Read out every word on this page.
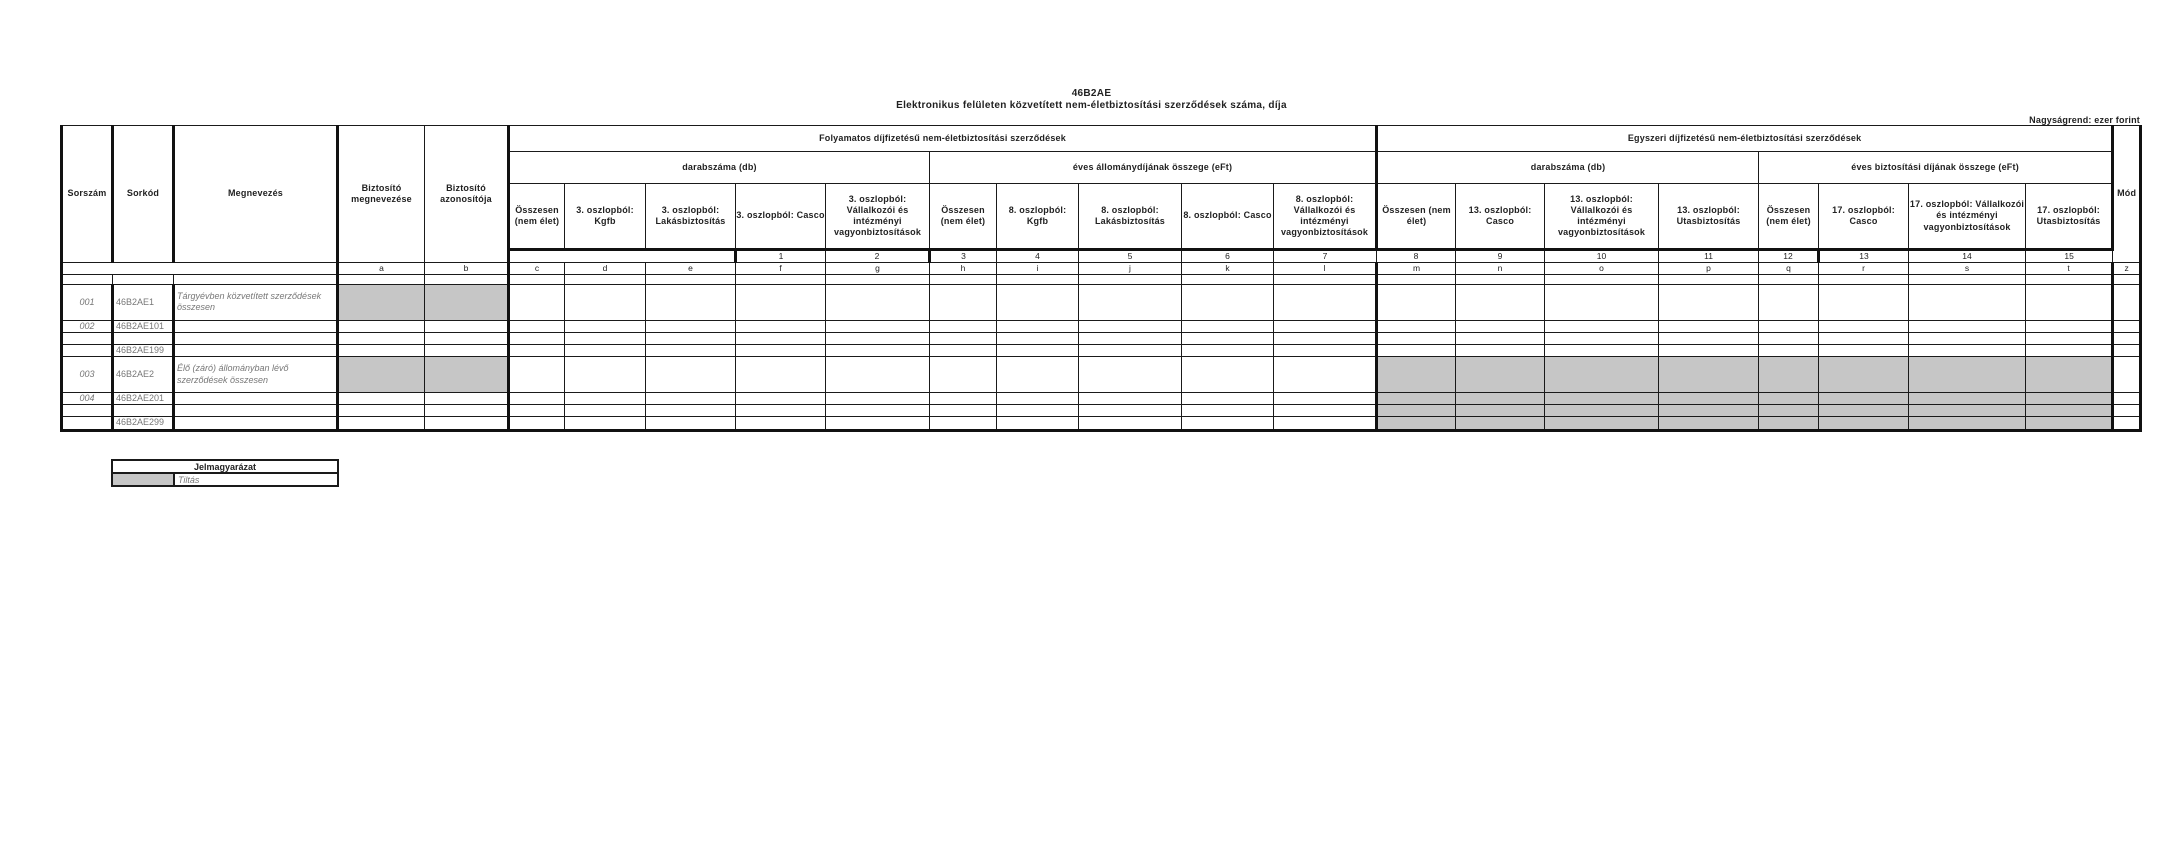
46B2AE
Elektronikus felületen közvetített nem-életbiztosítási szerződések száma, díja
Nagyságrend: ezer forint
Sorszám	Sorkód	Megnevezés	Biztosító megnevezése	Biztosító azonosítója	Folyamatos díjfizetésű nem-életbiztosítási szerződések										Egyszeri díjfizetésű nem-életbiztosítási szerződések								Mód	
					darabszáma (db)					éves állománydíjának összege (eFt)					darabszáma (db)				éves biztosítási díjának összege (eFt)					
					Összesen (nem élet)	3. oszlopból: Kgfb	3. oszlopból: Lakásbiztosítás	3. oszlopból: Casco	3. oszlopból: Vállalkozói és intézményi vagyonbiztosítások	Összesen (nem élet)	8. oszlopból: Kgfb	8. oszlopból: Lakásbiztosítás	8. oszlopból: Casco	8. oszlopból: Vállalkozói és intézményi vagyonbiztosítások	Összesen (nem élet)	13. oszlopból: Casco	13. oszlopból: Vállalkozói és intézményi vagyonbiztosítások	13. oszlopból: Utasbiztosítás	Összesen (nem élet)	17. oszlopból: Casco	17. oszlopból: Vállalkozói és intézményi vagyonbiztosítások	17. oszlopból: Utasbiztosítás		
								1	2	3	4	5	6	7	8	9	10	11	12	13	14	15						
			a	b	c	d	e	f	g	h	i	j	k	l	m	n	o	p	q	r	s	t	z	

001	46B2AE1	Tárgyévben közvetített szerződések összesen																						
002	46B2AE101																							

	46B2AE199																							
003	46B2AE2	Élő (záró) állományban lévő szerződések összesen																						
004	46B2AE201																							

	46B2AE299																							
Jelmagyarázat
	Tiltás
